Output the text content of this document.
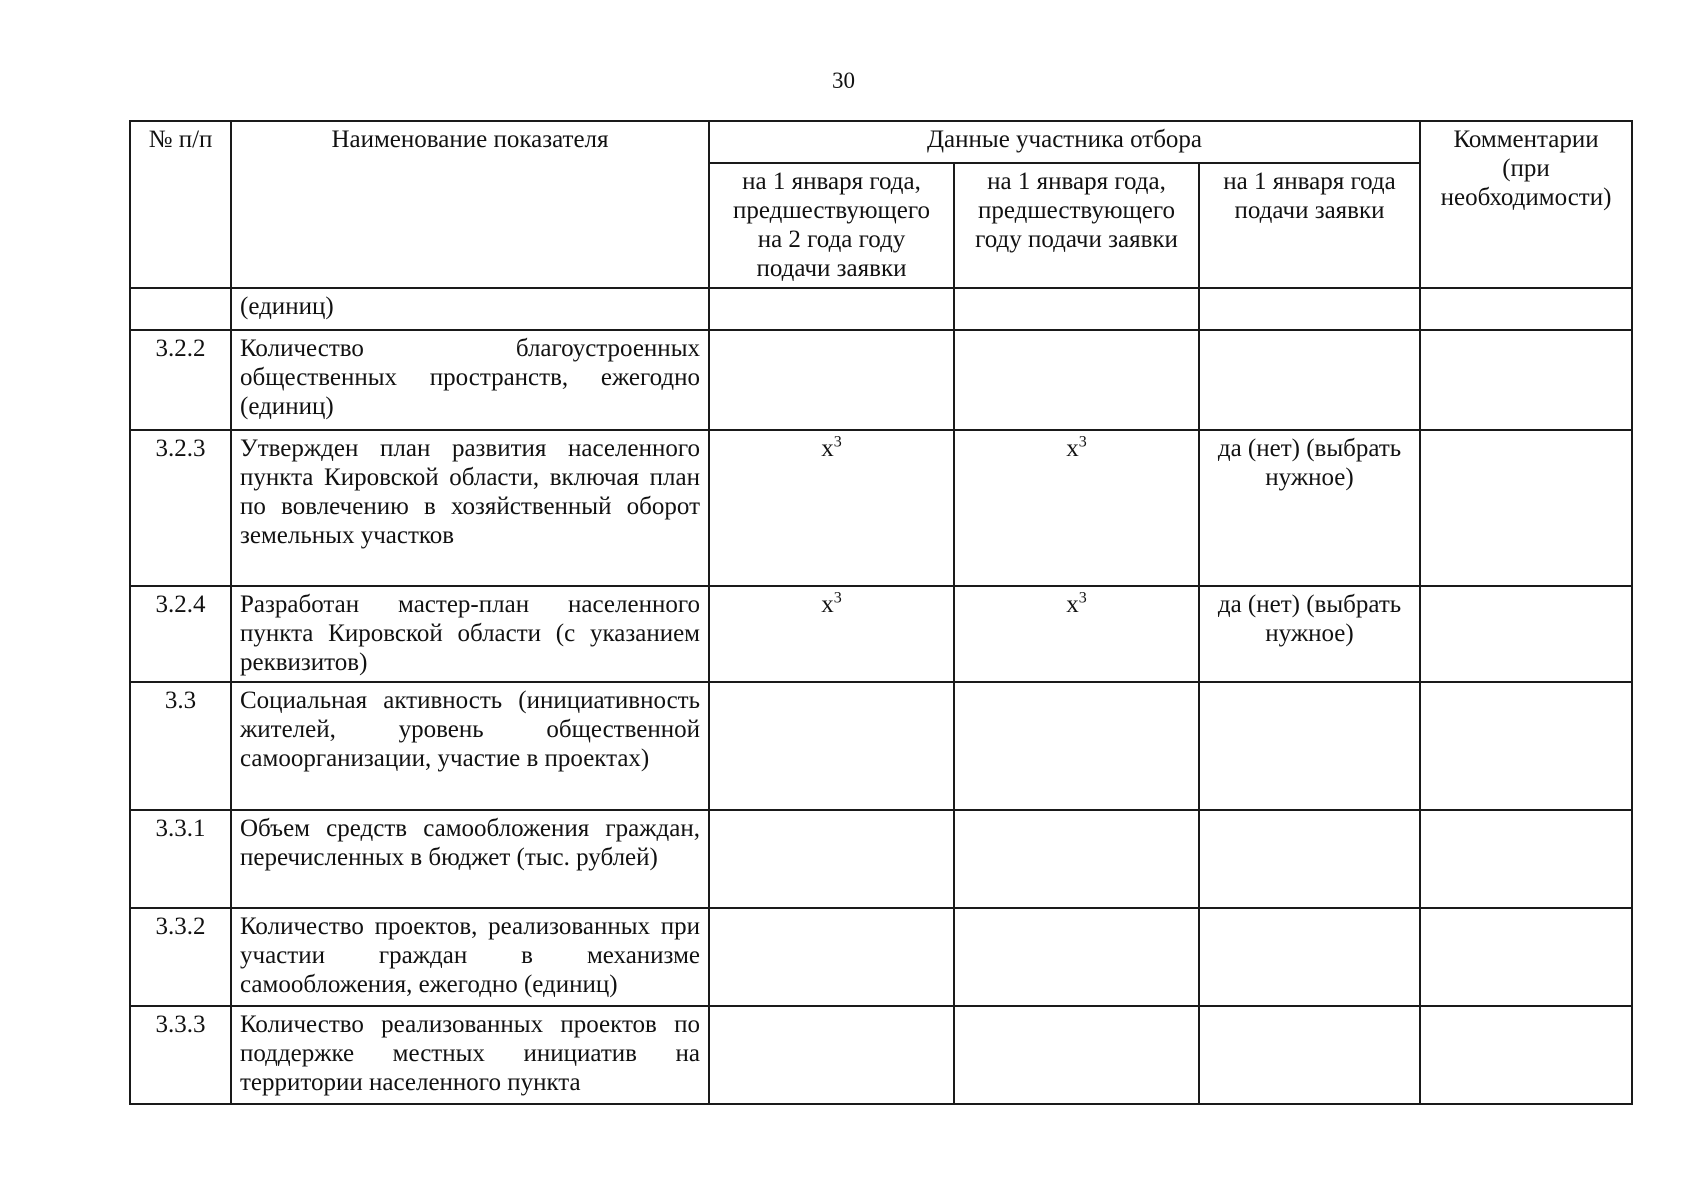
30
№ п/п	Наименование показателя	Данные участника отбора			Комментарии (при необходимости)
		на 1 января года, предшествующего на 2 года году подачи заявки	на 1 января года, предшествующего году подачи заявки	на 1 января года подачи заявки	
	(единиц)				
3.2.2	Количество благоустроенных общественных пространств, ежегодно (единиц)				
3.2.3	Утвержден план развития населенного пункта Кировской области, включая план по вовлечению в хозяйственный оборот земельных участков	$x^3$	$x^3$	да (нет) (выбрать нужное)	
3.2.4	Разработан мастер-план населенного пункта Кировской области (с указанием реквизитов)	$x^3$	$x^3$	да (нет) (выбрать нужное)	
3.3	Социальная активность (инициативность жителей, уровень общественной самоорганизации, участие в проектах)				
3.3.1	Объем средств самообложения граждан, перечисленных в бюджет (тыс. рублей)				
3.3.2	Количество проектов, реализованных при участии граждан в механизме самообложения, ежегодно (единиц)				
3.3.3	Количество реализованных проектов по поддержке местных инициатив на территории населенного пункта				
